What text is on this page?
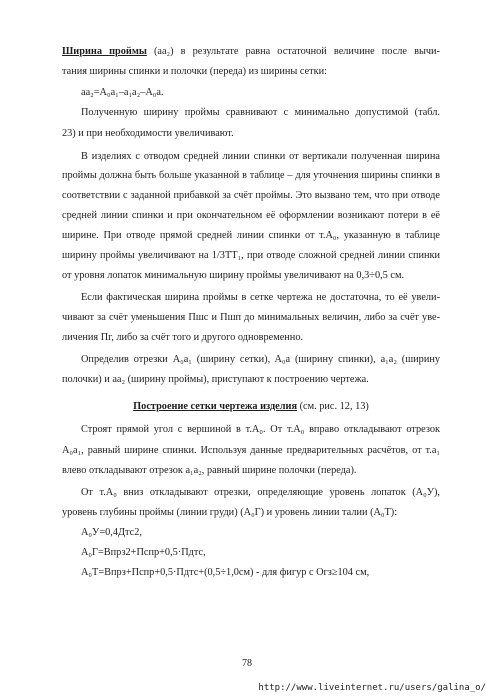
Ширина проймы (aa₂) в результате равна остаточной величине после вычи-
тания ширины спинки и полочки (переда) из ширины сетки:
aa₂=A₀a₁–a₁a₂–A₀a.
Полученную ширину проймы сравнивают с минимально допустимой (табл.
23) и при необходимости увеличивают.
В изделиях с отводом средней линии спинки от вертикали полученная ширина
проймы должна быть больше указанной в таблице – для уточнения ширины спинки в
соответствии с заданной прибавкой за счёт проймы. Это вызвано тем, что при отводе
средней линии спинки и при окончательном её оформлении возникают потери в её
ширине. При отводе прямой средней линии спинки от т.A₀, указанную в таблице
ширину проймы увеличивают на 1/3ТТ₁, при отводе сложной средней линии спинки
от уровня лопаток минимальную ширину проймы увеличивают на 0,3÷0,5 см.
Если фактическая ширина проймы в сетке чертежа не достаточна, то её увели-
чивают за счёт уменьшения Пшс и Пшп до минимальных величин, либо за счёт уве-
личения Пг, либо за счёт того и другого одновременно.
Определив отрезки A₀a₁ (ширину сетки), A₀a (ширину спинки), a₁a₂ (ширину
полочки) и aa₂ (ширину проймы), приступают к построению чертежа.
Построение сетки чертежа изделия (см. рис. 12, 13)
Строят прямой угол с вершиной в т.A₀. От т.A₀ вправо откладывают отрезок
A₀a₁, равный ширине спинки. Используя данные предварительных расчётов, от т.a₁
влево откладывают отрезок a₁a₂, равный ширине полочки (переда).
От т.A₀ вниз откладывают отрезки, определяющие уровень лопаток (A₀У),
уровень глубины проймы (линии груди) (A₀Г) и уровень линии талии (A₀T):
A₀У=0,4Дтс2,
A₀Г=Впрз2+Пспр+0,5·Пдтс,
A₀T=Впрз+Пспр+0,5·Пдтс+(0,5÷1,0см) - для фигур с Oгз≥104 см,
78
http://www.liveinternet.ru/users/galina_o/
